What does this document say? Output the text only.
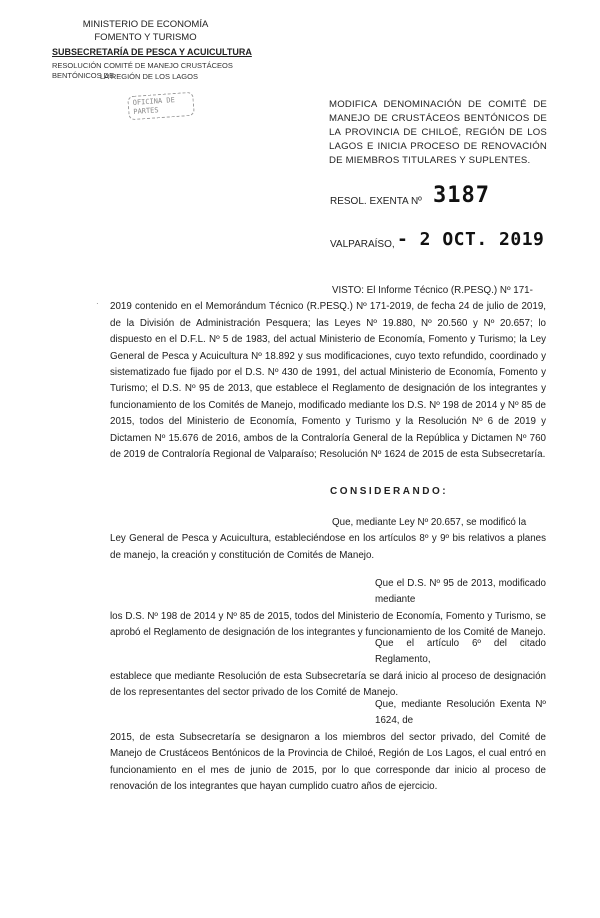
MINISTERIO DE ECONOMÍA
FOMENTO Y TURISMO
SUBSECRETARÍA DE PESCA Y ACUICULTURA
RESOLUCIÓN COMITÉ DE MANEJO CRUSTÁCEOS BENTÓNICOS DE
LA REGIÓN DE LOS LAGOS
OFICINA DE
PARTES
MODIFICA DENOMINACIÓN DE COMITÉ DE MANEJO DE CRUSTÁCEOS BENTÓNICOS DE LA PROVINCIA DE CHILOÉ, REGIÓN DE LOS LAGOS E INICIA PROCESO DE RENOVACIÓN DE MIEMBROS TITULARES Y SUPLENTES.
RESOL. EXENTA Nº 3187
VALPARAÍSO, - 2 OCT. 2019
VISTO: El Informe Técnico (R.PESQ.) Nº 171-
2019 contenido en el Memorándum Técnico (R.PESQ.) Nº 171-2019, de fecha 24 de julio de 2019, de la División de Administración Pesquera; las Leyes Nº 19.880, Nº 20.560 y Nº 20.657; lo dispuesto en el D.F.L. Nº 5 de 1983, del actual Ministerio de Economía, Fomento y Turismo; la Ley General de Pesca y Acuicultura Nº 18.892 y sus modificaciones, cuyo texto refundido, coordinado y sistematizado fue fijado por el D.S. Nº 430 de 1991, del actual Ministerio de Economía, Fomento y Turismo; el D.S. Nº 95 de 2013, que establece el Reglamento de designación de los integrantes y funcionamiento de los Comités de Manejo, modificado mediante los D.S. Nº 198 de 2014 y Nº 85 de 2015, todos del Ministerio de Economía, Fomento y Turismo y la Resolución Nº 6 de 2019 y Dictamen Nº 15.676 de 2016, ambos de la Contraloría General de la República y Dictamen Nº 760 de 2019 de Contraloría Regional de Valparaíso; Resolución Nº 1624 de 2015 de esta Subsecretaría.
·
CONSIDERANDO:
Que, mediante Ley Nº 20.657, se modificó la
Ley General de Pesca y Acuicultura, estableciéndose en los artículos 8º y 9º bis relativos a planes de manejo, la creación y constitución de Comités de Manejo.
Que el D.S. Nº 95 de 2013, modificado mediante
los D.S. Nº 198 de 2014 y Nº 85 de 2015, todos del Ministerio de Economía, Fomento y Turismo, se aprobó el Reglamento de designación de los integrantes y funcionamiento de los Comité de Manejo.
Que el artículo 6º del citado Reglamento,
establece que mediante Resolución de esta Subsecretaría se dará inicio al proceso de designación de los representantes del sector privado de los Comité de Manejo.
Que, mediante Resolución Exenta Nº 1624, de
2015, de esta Subsecretaría se designaron a los miembros del sector privado, del Comité de Manejo de Crustáceos Bentónicos de la Provincia de Chiloé, Región de Los Lagos, el cual entró en funcionamiento en el mes de junio de 2015, por lo que corresponde dar inicio al proceso de renovación de los integrantes que hayan cumplido cuatro años de ejercicio.
